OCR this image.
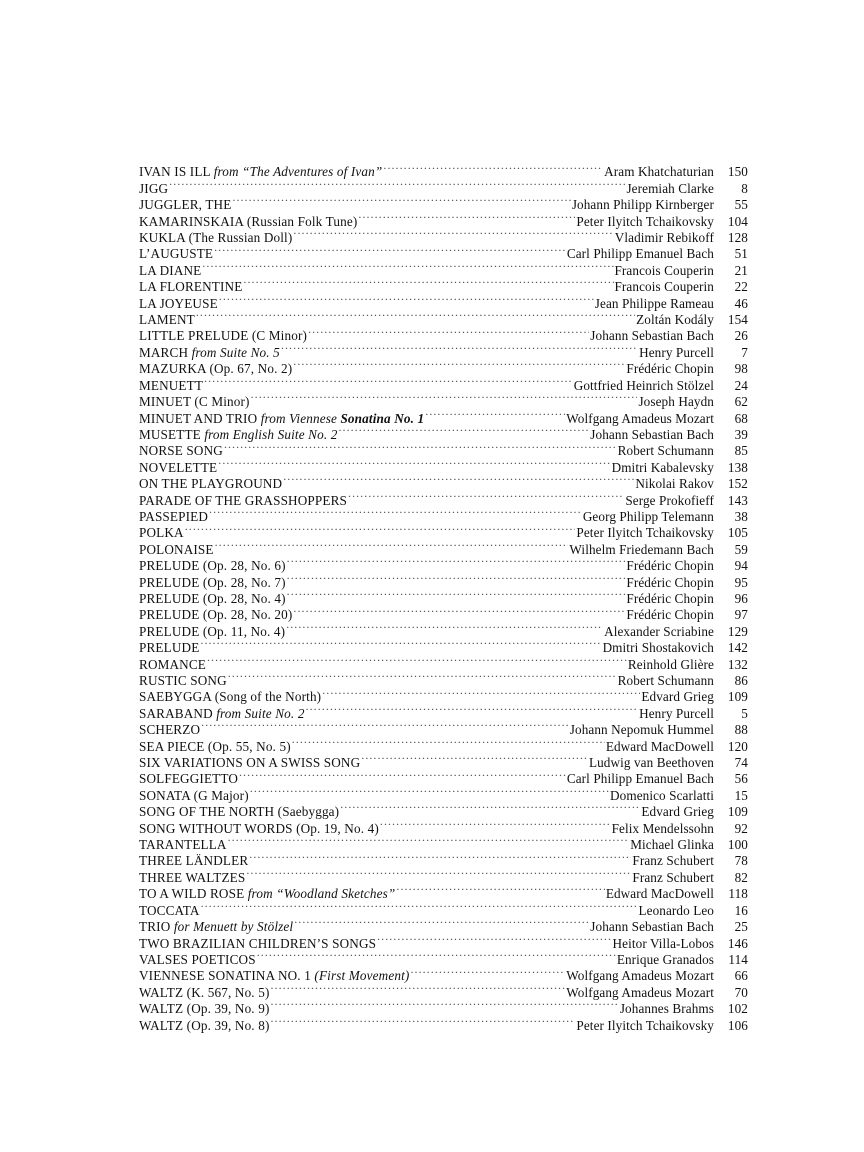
IVAN IS ILL from “The Adventures of Ivan” .....	Aram Khatchaturian	150
JIGG .....	Jeremiah Clarke	8
JUGGLER, THE .....	Johann Philipp Kirnberger	55
KAMARINSKAIA (Russian Folk Tune) .....	Peter Ilyitch Tchaikovsky	104
KUKLA (The Russian Doll) .....	Vladimir Rebikoff	128
L’AUGUSTE .....	Carl Philipp Emanuel Bach	51
LA DIANE .....	Francois Couperin	21
LA FLORENTINE .....	Francois Couperin	22
LA JOYEUSE .....	Jean Philippe Rameau	46
LAMENT .....	Zoltán Kodály	154
LITTLE PRELUDE (C Minor) .....	Johann Sebastian Bach	26
MARCH from Suite No. 5 .....	Henry Purcell	7
MAZURKA (Op. 67, No. 2) .....	Frédéric Chopin	98
MENUETT .....	Gottfried Heinrich Stölzel	24
MINUET (C Minor) .....	Joseph Haydn	62
MINUET AND TRIO from Viennese Sonatina No. 1 .....	Wolfgang Amadeus Mozart	68
MUSETTE from English Suite No. 2 .....	Johann Sebastian Bach	39
NORSE SONG .....	Robert Schumann	85
NOVELETTE .....	Dmitri Kabalevsky	138
ON THE PLAYGROUND .....	Nikolai Rakov	152
PARADE OF THE GRASSHOPPERS .....	Serge Prokofieff	143
PASSEPIED .....	Georg Philipp Telemann	38
POLKA .....	Peter Ilyitch Tchaikovsky	105
POLONAISE .....	Wilhelm Friedemann Bach	59
PRELUDE (Op. 28, No. 6) .....	Frédéric Chopin	94
PRELUDE (Op. 28, No. 7) .....	Frédéric Chopin	95
PRELUDE (Op. 28, No. 4) .....	Frédéric Chopin	96
PRELUDE (Op. 28, No. 20) .....	Frédéric Chopin	97
PRELUDE (Op. 11, No. 4) .....	Alexander Scriabine	129
PRELUDE .....	Dmitri Shostakovich	142
ROMANCE .....	Reinhold Glière	132
RUSTIC SONG .....	Robert Schumann	86
SAEBYGGA (Song of the North) .....	Edvard Grieg	109
SARABAND from Suite No. 2 .....	Henry Purcell	5
SCHERZO .....	Johann Nepomuk Hummel	88
SEA PIECE (Op. 55, No. 5) .....	Edward MacDowell	120
SIX VARIATIONS ON A SWISS SONG .....	Ludwig van Beethoven	74
SOLFEGGIETTO .....	Carl Philipp Emanuel Bach	56
SONATA (G Major) .....	Domenico Scarlatti	15
SONG OF THE NORTH (Saebygga) .....	Edvard Grieg	109
SONG WITHOUT WORDS (Op. 19, No. 4) .....	Felix Mendelssohn	92
TARANTELLA .....	Michael Glinka	100
THREE LÄNDLER .....	Franz Schubert	78
THREE WALTZES .....	Franz Schubert	82
TO A WILD ROSE from “Woodland Sketches” .....	Edward MacDowell	118
TOCCATA .....	Leonardo Leo	16
TRIO for Menuett by Stölzel .....	Johann Sebastian Bach	25
TWO BRAZILIAN CHILDREN’S SONGS .....	Heitor Villa-Lobos	146
VALSES POETICOS .....	Enrique Granados	114
VIENNESE SONATINA NO. 1 (First Movement) .....	Wolfgang Amadeus Mozart	66
WALTZ (K. 567, No. 5) .....	Wolfgang Amadeus Mozart	70
WALTZ (Op. 39, No. 9) .....	Johannes Brahms	102
WALTZ (Op. 39, No. 8) .....	Peter Ilyitch Tchaikovsky	106
